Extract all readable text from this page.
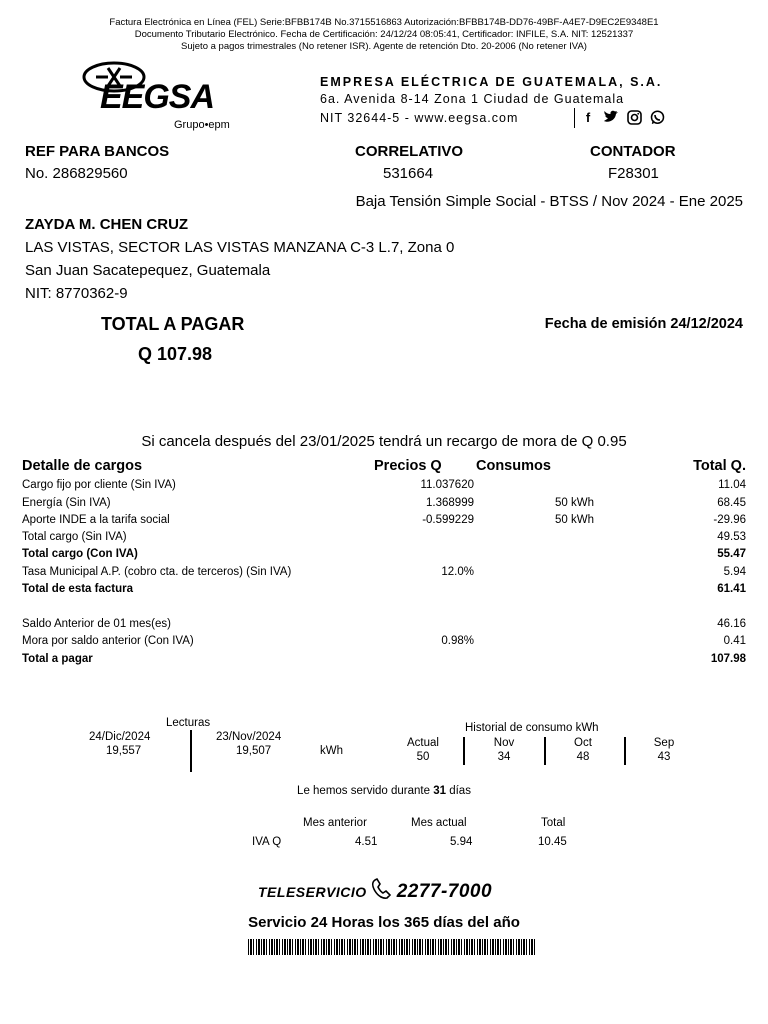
Factura Electrónica en Línea (FEL) Serie:BFBB174B No.3715516863 Autorización:BFBB174B-DD76-49BF-A4E7-D9EC2E9348E1
Documento Tributario Electrónico. Fecha de Certificación: 24/12/24 08:05:41, Certificador: INFILE, S.A. NIT: 12521337
Sujeto a pagos trimestrales (No retener ISR). Agente de retención Dto. 20-2006 (No retener IVA)
EEGSA
Grupo•epm
EMPRESA ELÉCTRICA DE GUATEMALA, S.A.
6a. Avenida 8-14 Zona 1 Ciudad de Guatemala
NIT 32644-5 - www.eegsa.com	f
REF PARA BANCOS
No. 286829560
CORRELATIVO
531664
CONTADOR
F28301
Baja Tensión Simple Social - BTSS / Nov 2024 - Ene 2025
ZAYDA M. CHEN CRUZ
LAS VISTAS, SECTOR LAS VISTAS MANZANA C-3 L.7, Zona 0
San Juan Sacatepequez, Guatemala
NIT: 8770362-9
TOTAL A PAGAR
Q 107.98
Fecha de emisión 24/12/2024
Si cancela después del 23/01/2025 tendrá un recargo de mora de Q 0.95
Detalle de cargos	Precios Q Consumos	Total Q.
Cargo fijo por cliente (Sin IVA)	11.037620	11.04
Energía (Sin IVA)	1.368999	50 kWh	68.45
Aporte INDE a la tarifa social	-0.599229	50 kWh	-29.96
Total cargo (Sin IVA)	49.53
Total cargo (Con IVA)	55.47
Tasa Municipal A.P. (cobro cta. de terceros) (Sin IVA)	12.0%	5.94
Total de esta factura	61.41
Saldo Anterior de 01 mes(es)	46.16
Mora por saldo anterior (Con IVA)	0.98%	0.41
Total a pagar	107.98
Lecturas
24/Dic/2024
19,557
23/Nov/2024
19,507	kWh
Historial de consumo kWh
Actual
50
Nov
34
Oct
48
Sep
43
Le hemos servido durante 31 días
Mes anterior	Mes actual	Total
IVA Q	4.51	5.94	10.45
TELESERVICIO 2277-7000
Servicio 24 Horas los 365 días del año
